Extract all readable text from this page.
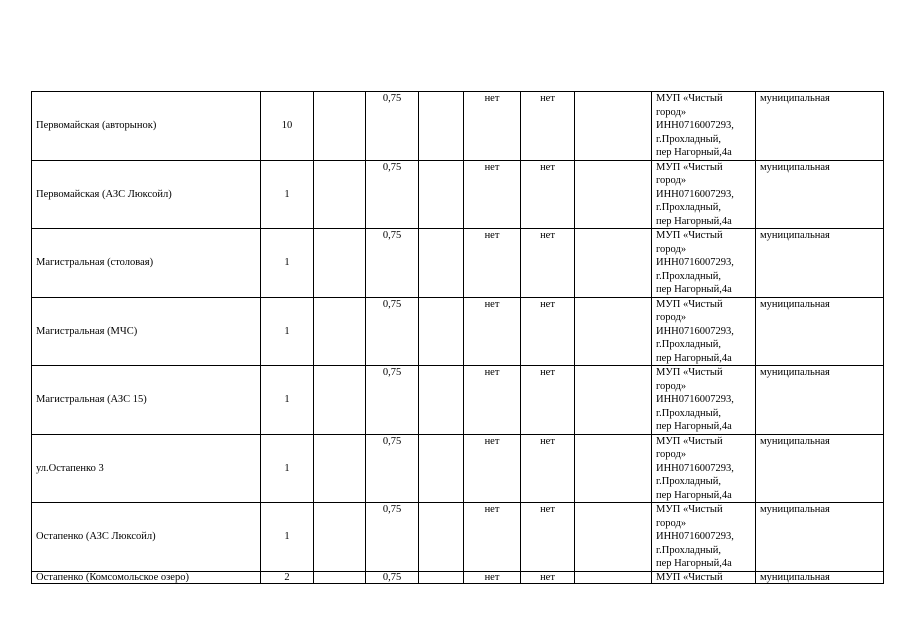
Первомайская (авторынок)	10		0,75		нет	нет		МУП «Чистый
город»
ИНН0716007293,
г.Прохладный,
пер Нагорный,4а	муниципальная
Первомайская (АЗС Люксойл)	1		0,75		нет	нет		МУП «Чистый
город»
ИНН0716007293,
г.Прохладный,
пер Нагорный,4а	муниципальная
Магистральная (столовая)	1		0,75		нет	нет		МУП «Чистый
город»
ИНН0716007293,
г.Прохладный,
пер Нагорный,4а	муниципальная
Магистральная (МЧС)	1		0,75		нет	нет		МУП «Чистый
город»
ИНН0716007293,
г.Прохладный,
пер Нагорный,4а	муниципальная
Магистральная (АЗС 15)	1		0,75		нет	нет		МУП «Чистый
город»
ИНН0716007293,
г.Прохладный,
пер Нагорный,4а	муниципальная
ул.Остапенко 3	1		0,75		нет	нет		МУП «Чистый
город»
ИНН0716007293,
г.Прохладный,
пер Нагорный,4а	муниципальная
Остапенко (АЗС Люксойл)	1		0,75		нет	нет		МУП «Чистый
город»
ИНН0716007293,
г.Прохладный,
пер Нагорный,4а	муниципальная
Остапенко (Комсомольское озеро)	2		0,75		нет	нет		МУП «Чистый	муниципальная
